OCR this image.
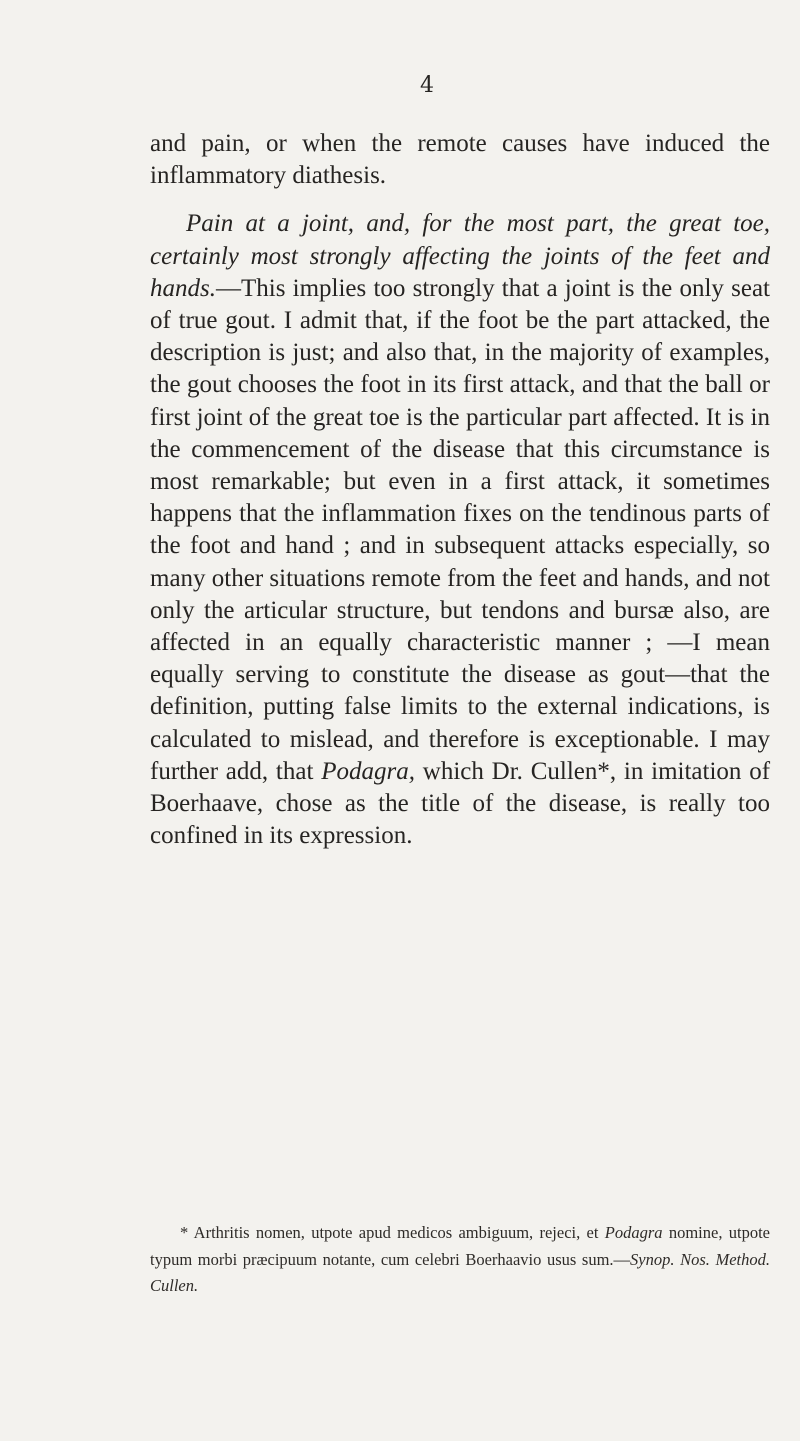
4

and pain, or when the remote causes have induced the inflammatory diathesis.

Pain at a joint, and, for the most part, the great toe, certainly most strongly affecting the joints of the feet and hands.—This implies too strongly that a joint is the only seat of true gout. I admit that, if the foot be the part attacked, the description is just; and also that, in the majority of examples, the gout chooses the foot in its first attack, and that the ball or first joint of the great toe is the particular part affected. It is in the commencement of the disease that this circumstance is most remarkable; but even in a first attack, it sometimes happens that the inflammation fixes on the tendinous parts of the foot and hand ; and in subsequent attacks especially, so many other situations remote from the feet and hands, and not only the articular structure, but tendons and bursæ also, are affected in an equally characteristic manner ; —I mean equally serving to constitute the disease as gout—that the definition, putting false limits to the external indications, is calculated to mislead, and therefore is exceptionable. I may further add, that Podagra, which Dr. Cullen*, in imitation of Boerhaave, chose as the title of the disease, is really too confined in its expression.

* Arthritis nomen, utpote apud medicos ambiguum, rejeci, et Podagra nomine, utpote typum morbi præcipuum notante, cum celebri Boerhaavio usus sum.—Synop. Nos. Method. Cullen.
